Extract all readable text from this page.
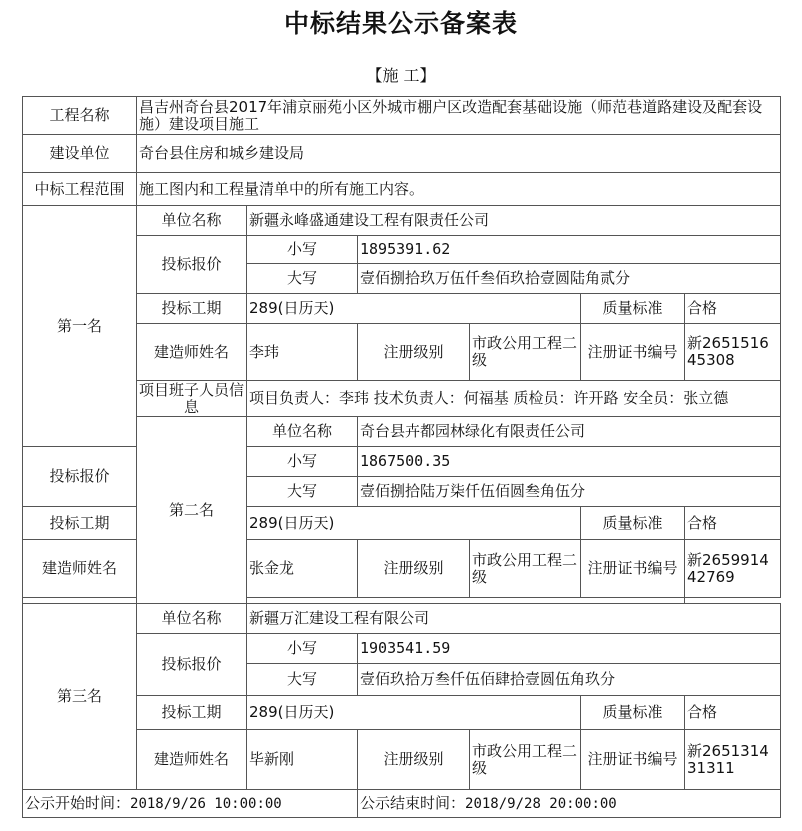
中标结果公示备案表
【施 工】
工程名称	昌吉州奇台县2017年浦京丽苑小区外城市棚户区改造配套基础设施（师范巷道路建设及配套设施）建设项目施工					
建设单位	奇台县住房和城乡建设局					
中标工程范围	施工图内和工程量清单中的所有施工内容。					
第一名	单位名称	新疆永峰盛通建设工程有限责任公司				
	投标报价	小写	1895391.62			
		大写	壹佰捌拾玖万伍仟叁佰玖拾壹圆陆角贰分			
	投标工期	289(日历天)			质量标准	合格
	建造师姓名	李玮	注册级别	市政公用工程二级	注册证书编号	新265151645308
	项目班子人员信息	项目负责人：李玮 技术负责人：何福基 质检员：许开路 安全员：张立德				
	第二名	单位名称	奇台县卉都园林绿化有限责任公司			
投标报价		小写	1867500.35			
		大写	壹佰捌拾陆万柒仟伍佰圆叁角伍分			
投标工期		289(日历天)			质量标准	合格
建造师姓名		张金龙	注册级别	市政公用工程二级	注册证书编号	新265991442769

第三名	单位名称	新疆万汇建设工程有限公司				
	投标报价	小写	1903541.59			
		大写	壹佰玖拾万叁仟伍佰肆拾壹圆伍角玖分			
	投标工期	289(日历天)			质量标准	合格
	建造师姓名	毕新刚	注册级别	市政公用工程二级	注册证书编号	新265131431311
公示开始时间：2018/9/26 10:00:00			公示结束时间：2018/9/28 20:00:00			
